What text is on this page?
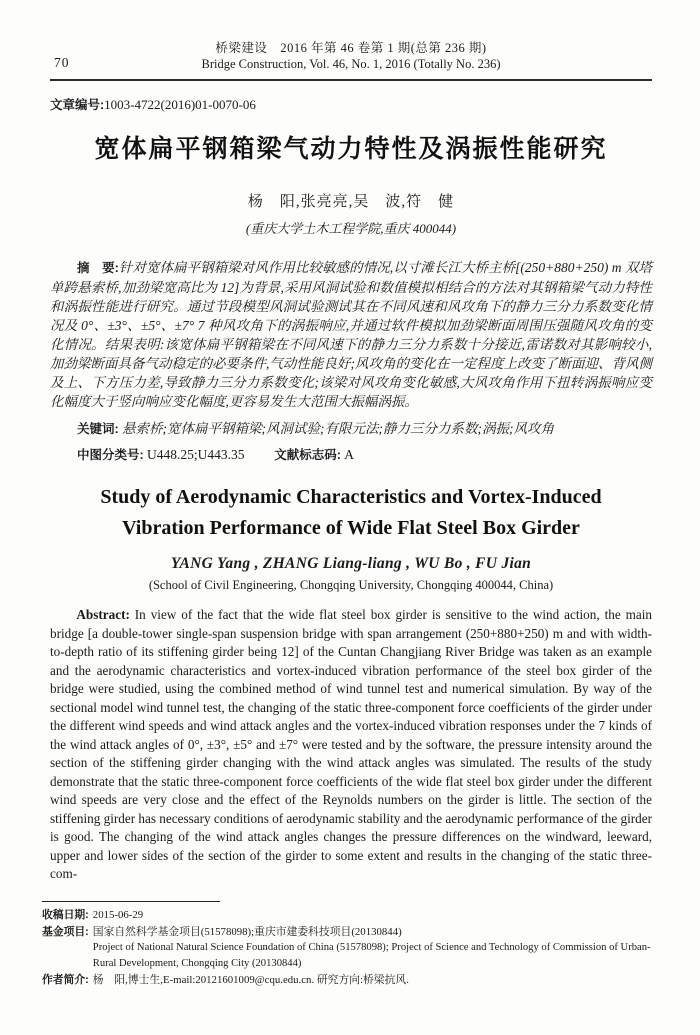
70
桥梁建设　2016 年第 46 卷第 1 期(总第 236 期)
Bridge Construction, Vol. 46, No. 1, 2016 (Totally No. 236)
文章编号:1003-4722(2016)01-0070-06
宽体扁平钢箱梁气动力特性及涡振性能研究
杨　阳,张亮亮,吴　波,符　健
(重庆大学土木工程学院,重庆 400044)

摘　要:针对宽体扁平钢箱梁对风作用比较敏感的情况,以寸滩长江大桥主桥[(250+880+250) m 双塔单跨悬索桥,加劲梁宽高比为 12]为背景,采用风洞试验和数值模拟相结合的方法对其钢箱梁气动力特性和涡振性能进行研究。通过节段模型风洞试验测试其在不同风速和风攻角下的静力三分力系数变化情况及 0°、±3°、±5°、±7° 7 种风攻角下的涡振响应,并通过软件模拟加劲梁断面周围压强随风攻角的变化情况。结果表明:该宽体扁平钢箱梁在不同风速下的静力三分力系数十分接近,雷诺数对其影响较小,加劲梁断面具备气动稳定的必要条件,气动性能良好;风攻角的变化在一定程度上改变了断面迎、背风侧及上、下方压力差,导致静力三分力系数变化;该梁对风攻角变化敏感,大风攻角作用下扭转涡振响应变化幅度大于竖向响应变化幅度,更容易发生大范围大振幅涡振。

关键词: 悬索桥;宽体扁平钢箱梁;风洞试验;有限元法;静力三分力系数;涡振;风攻角
中图分类号: U448.25;U443.35 文献标志码: A
Study of Aerodynamic Characteristics and Vortex-Induced Vibration Performance of Wide Flat Steel Box Girder
YANG Yang , ZHANG Liang-liang , WU Bo , FU Jian
(School of Civil Engineering, Chongqing University, Chongqing 400044, China)

Abstract: In view of the fact that the wide flat steel box girder is sensitive to the wind action, the main bridge [a double-tower single-span suspension bridge with span arrangement (250+880+250) m and with width-to-depth ratio of its stiffening girder being 12] of the Cuntan Changjiang River Bridge was taken as an example and the aerodynamic characteristics and vortex-induced vibration performance of the steel box girder of the bridge were studied, using the combined method of wind tunnel test and numerical simulation. By way of the sectional model wind tunnel test, the changing of the static three-component force coefficients of the girder under the different wind speeds and wind attack angles and the vortex-induced vibration responses under the 7 kinds of the wind attack angles of 0°, ±3°, ±5° and ±7° were tested and by the software, the pressure intensity around the section of the stiffening girder changing with the wind attack angles was simulated. The results of the study demonstrate that the static three-component force coefficients of the wide flat steel box girder under the different wind speeds are very close and the effect of the Reynolds numbers on the girder is little. The section of the stiffening girder has necessary conditions of aerodynamic stability and the aerodynamic performance of the girder is good. The changing of the wind attack angles changes the pressure differences on the windward, leeward, upper and lower sides of the section of the girder to some extent and results in the changing of the static three-com-

收稿日期: 2015-06-29
基金项目: 国家自然科学基金项目(51578098);重庆市建委科技项目(20130844)
Project of National Natural Science Foundation of China (51578098); Project of Science and Technology of Commission of Urban-Rural Development, Chongqing City (20130844)
作者简介: 杨　阳,博士生,E-mail:20121601009@cqu.edu.cn. 研究方向:桥梁抗风.
